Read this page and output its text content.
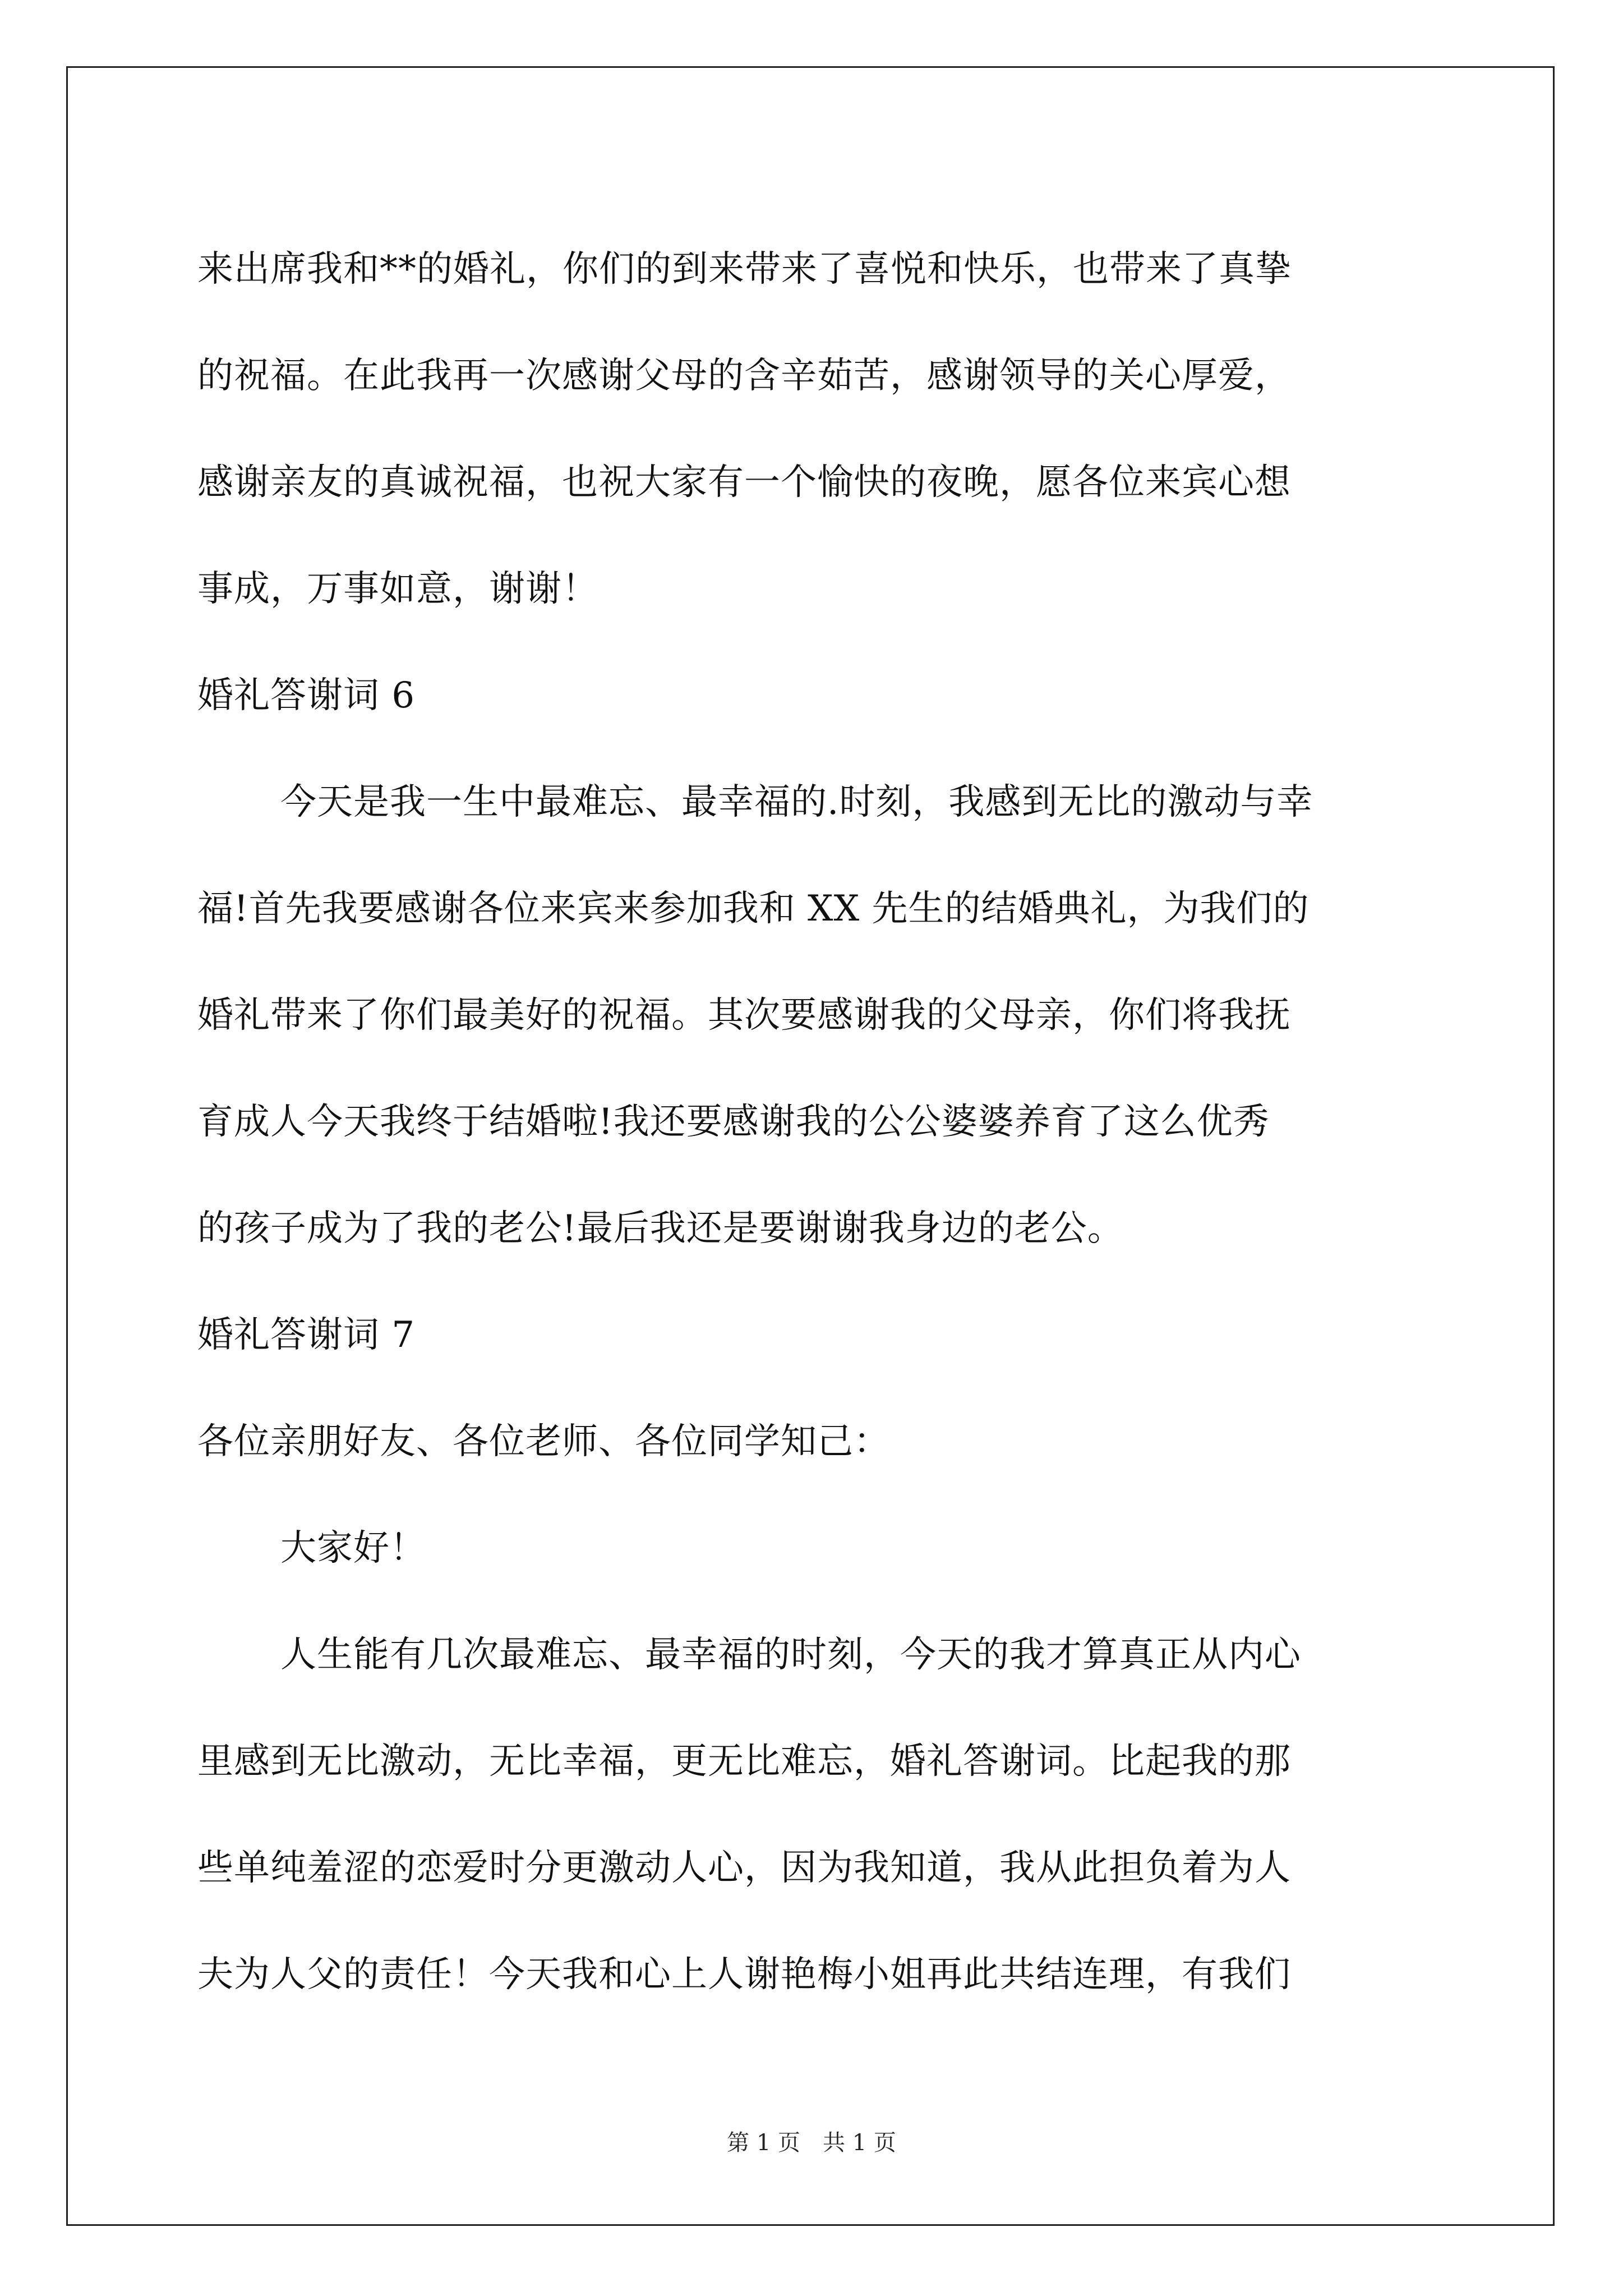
来出席我和**的婚礼，你们的到来带来了喜悦和快乐，也带来了真挚
的祝福。在此我再一次感谢父母的含辛茹苦，感谢领导的关心厚爱，
感谢亲友的真诚祝福，也祝大家有一个愉快的夜晚，愿各位来宾心想
事成，万事如意，谢谢！
婚礼答谢词 6
今天是我一生中最难忘、最幸福的.时刻，我感到无比的激动与幸
福!首先我要感谢各位来宾来参加我和 XX 先生的结婚典礼，为我们的
婚礼带来了你们最美好的祝福。其次要感谢我的父母亲，你们将我抚
育成人今天我终于结婚啦!我还要感谢我的公公婆婆养育了这么优秀
的孩子成为了我的老公!最后我还是要谢谢我身边的老公。
婚礼答谢词 7
各位亲朋好友、各位老师、各位同学知己：
大家好！
人生能有几次最难忘、最幸福的时刻，今天的我才算真正从内心
里感到无比激动，无比幸福，更无比难忘，婚礼答谢词。比起我的那
些单纯羞涩的恋爱时分更激动人心，因为我知道，我从此担负着为人
夫为人父的责任！今天我和心上人谢艳梅小姐再此共结连理，有我们
第 1 页 共 1 页
